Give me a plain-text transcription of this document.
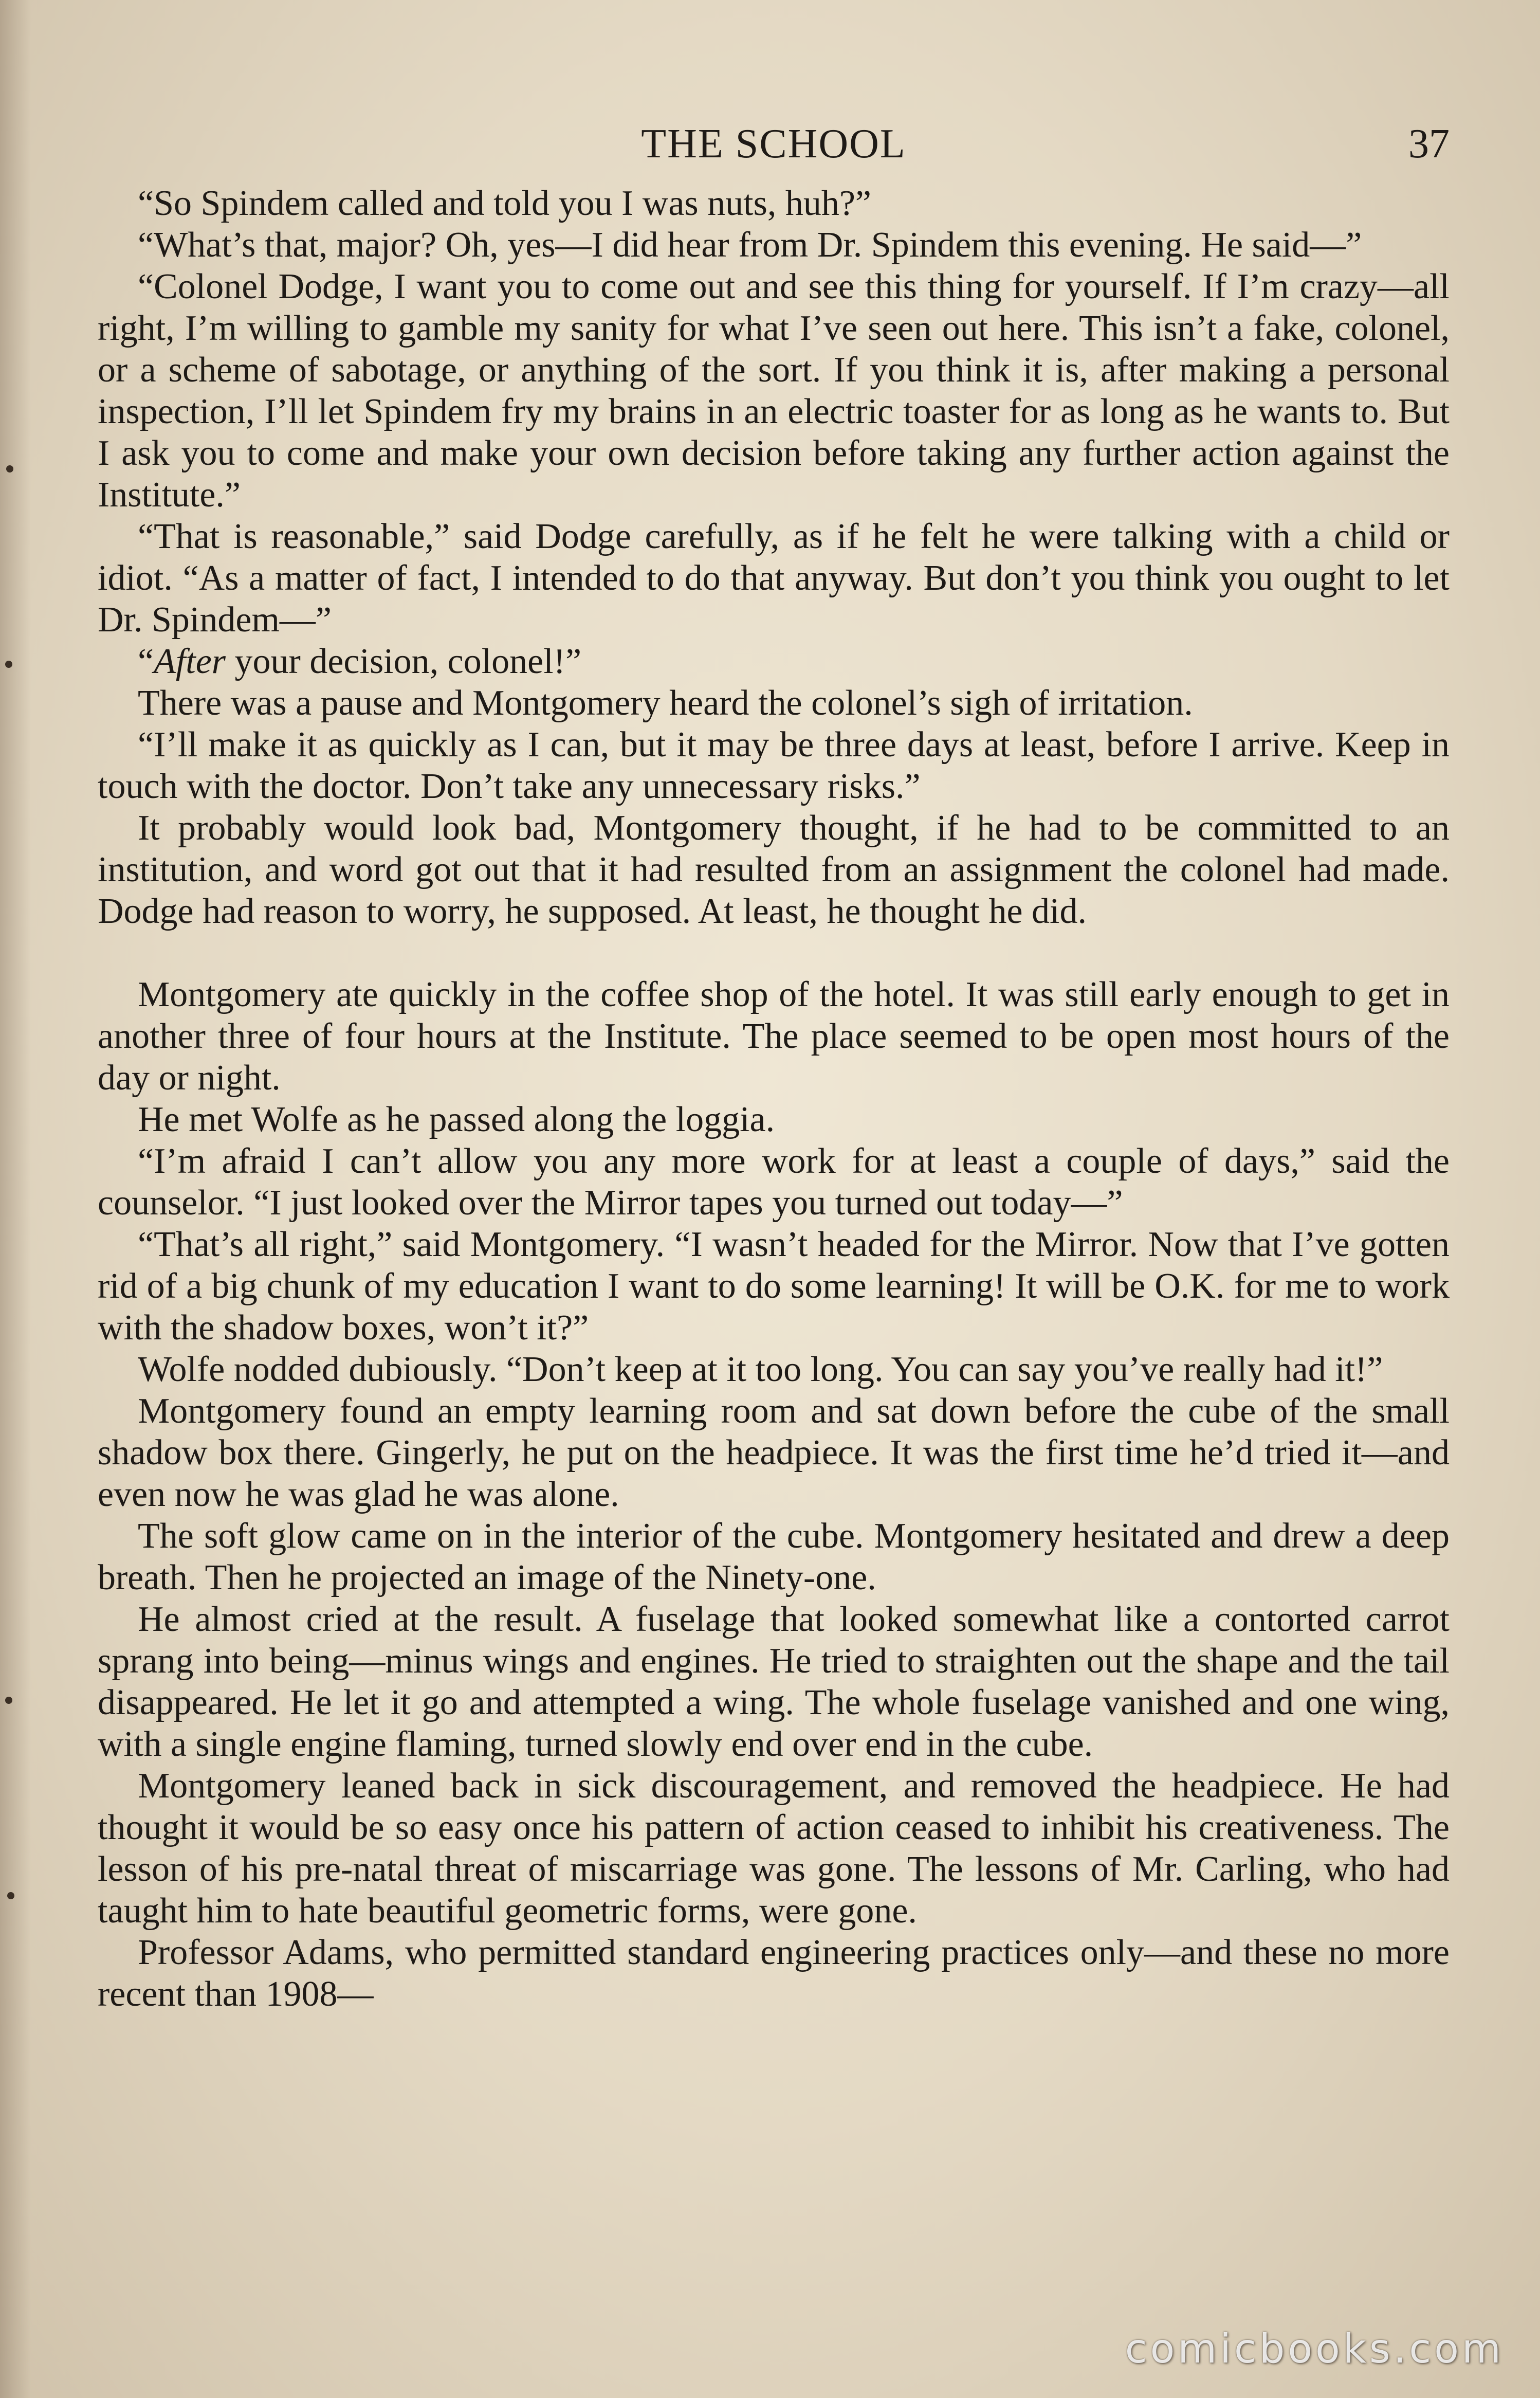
THE SCHOOL	37

“So Spindem called and told you I was nuts, huh?”

“What’s that, major? Oh, yes—I did hear from Dr. Spindem this evening. He said—”

“Colonel Dodge, I want you to come out and see this thing for yourself. If I’m crazy—all right, I’m willing to gamble my sanity for what I’ve seen out here. This isn’t a fake, colonel, or a scheme of sabotage, or anything of the sort. If you think it is, after making a personal inspection, I’ll let Spindem fry my brains in an electric toaster for as long as he wants to. But I ask you to come and make your own decision before taking any further action against the Institute.”

“That is reasonable,” said Dodge carefully, as if he felt he were talking with a child or idiot. “As a matter of fact, I intended to do that anyway. But don’t you think you ought to let Dr. Spindem—”

“After your decision, colonel!”

There was a pause and Montgomery heard the colonel’s sigh of irritation.

“I’ll make it as quickly as I can, but it may be three days at least, before I arrive. Keep in touch with the doctor. Don’t take any unnecessary risks.”

It probably would look bad, Montgomery thought, if he had to be committed to an institution, and word got out that it had resulted from an assignment the colonel had made. Dodge had reason to worry, he supposed. At least, he thought he did.

Montgomery ate quickly in the coffee shop of the hotel. It was still early enough to get in another three of four hours at the Institute. The place seemed to be open most hours of the day or night.

He met Wolfe as he passed along the loggia.

“I’m afraid I can’t allow you any more work for at least a couple of days,” said the counselor. “I just looked over the Mirror tapes you turned out today—”

“That’s all right,” said Montgomery. “I wasn’t headed for the Mirror. Now that I’ve gotten rid of a big chunk of my education I want to do some learning! It will be O.K. for me to work with the shadow boxes, won’t it?”

Wolfe nodded dubiously. “Don’t keep at it too long. You can say you’ve really had it!”

Montgomery found an empty learning room and sat down before the cube of the small shadow box there. Gingerly, he put on the headpiece. It was the first time he’d tried it—and even now he was glad he was alone.

The soft glow came on in the interior of the cube. Montgomery hesitated and drew a deep breath. Then he projected an image of the Ninety-one.

He almost cried at the result. A fuselage that looked somewhat like a contorted carrot sprang into being—minus wings and engines. He tried to straighten out the shape and the tail disappeared. He let it go and attempted a wing. The whole fuselage vanished and one wing, with a single engine flaming, turned slowly end over end in the cube.

Montgomery leaned back in sick discouragement, and removed the headpiece. He had thought it would be so easy once his pattern of action ceased to inhibit his creativeness. The lesson of his pre-natal threat of miscarriage was gone. The lessons of Mr. Carling, who had taught him to hate beautiful geometric forms, were gone.

Professor Adams, who permitted standard engineering practices only—and these no more recent than 1908—

comicbooks.com
